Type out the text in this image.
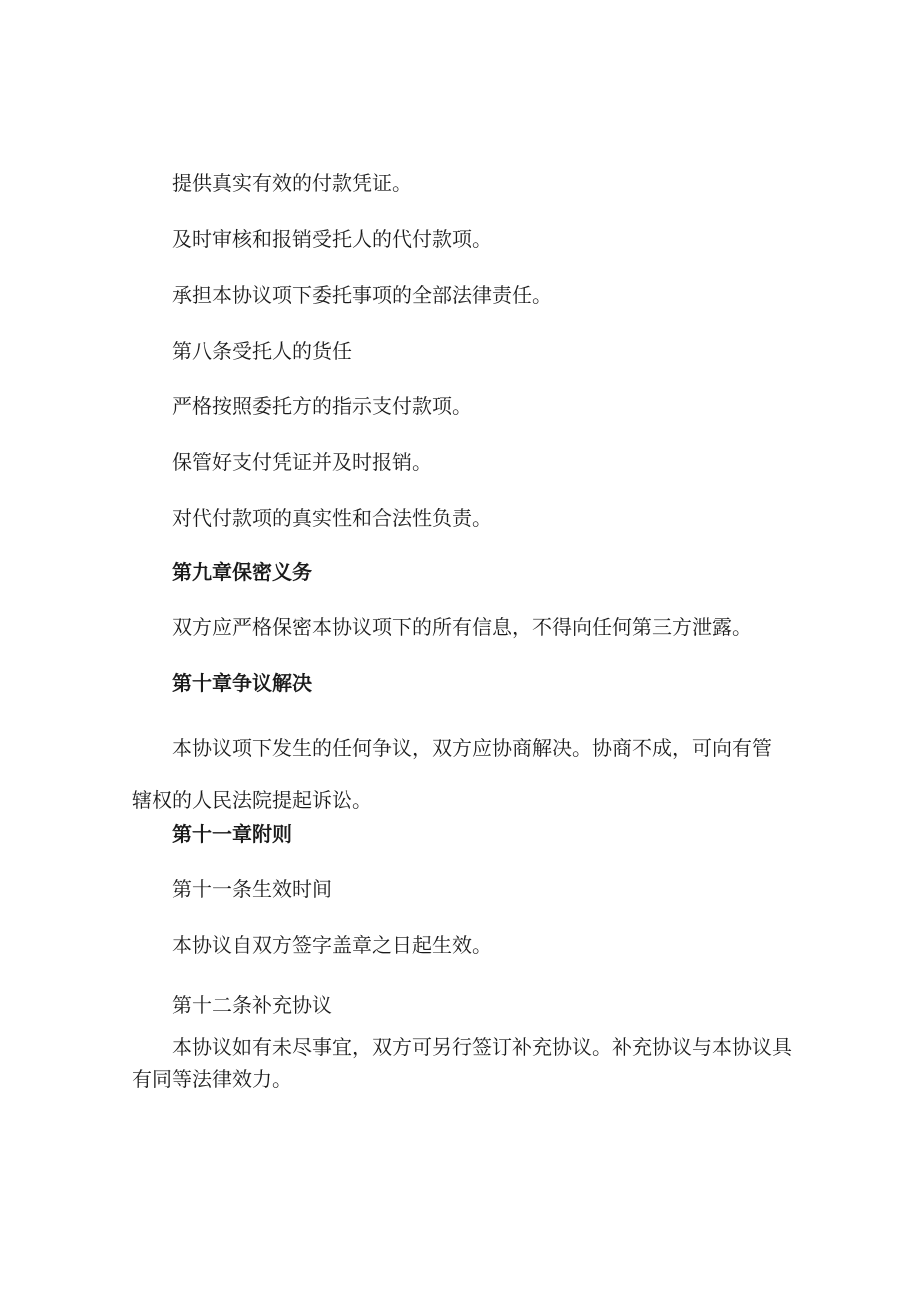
提供真实有效的付款凭证。

及时审核和报销受托人的代付款项。

承担本协议项下委托事项的全部法律责任。

第八条受托人的货任

严格按照委托方的指示支付款项。

保管好支付凭证并及时报销。

对代付款项的真实性和合法性负责。

第九章保密义务

双方应严格保密本协议项下的所有信息，不得向任何第三方泄露。

第十章争议解决

本协议项下发生的任何争议，双方应协商解决。协商不成，可向有管辖权的人民法院提起诉讼。

第十一章附则

第十一条生效时间

本协议自双方签字盖章之日起生效。

第十二条补充协议

本协议如有未尽事宜，双方可另行签订补充协议。补充协议与本协议具有同等法律效力。
